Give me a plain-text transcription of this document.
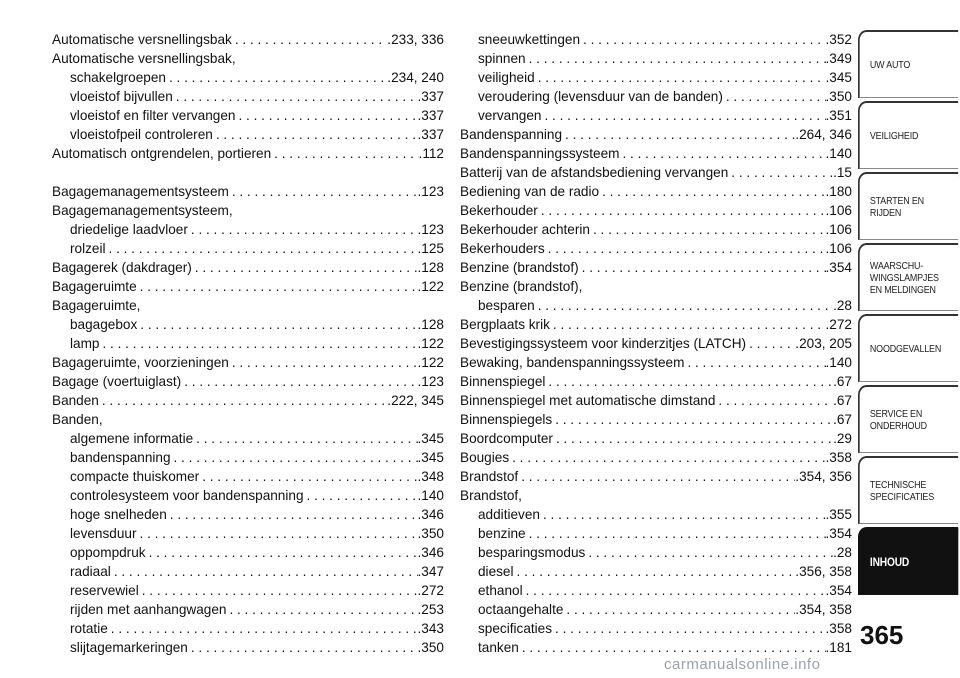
Automatische versnellingsbak . . .	.233, 336
Automatische versnellingsbak,
schakelgroepen . . .	.234, 240
vloeistof bijvullen . . .	.337
vloeistof en filter vervangen . . .	.337
vloeistofpeil controleren . . .	.337
Automatisch ontgrendelen, portieren . . .	.112
Bagagemanagementsysteem . . .	.123
Bagagemanagementsysteem,
driedelige laadvloer . . .	.123
rolzeil . . .	.125
Bagagerek (dakdrager) . . .	.128
Bagageruimte . . .	.122
Bagageruimte,
bagagebox . . .	.128
lamp . . .	.122
Bagageruimte, voorzieningen . . .	.122
Bagage (voertuiglast) . . .	.123
Banden . . .	.222, 345
Banden,
algemene informatie . . .	.345
bandenspanning . . .	.345
compacte thuiskomer . . .	.348
controlesysteem voor bandenspanning . . .	.140
hoge snelheden . . .	.346
levensduur . . .	.350
oppompdruk . . .	.346
radiaal . . .	.347
reservewiel . . .	.272
rijden met aanhangwagen . . .	.253
rotatie . . .	.343
slijtagemarkeringen . . .	.350
sneeuwkettingen . . .	.352
spinnen . . .	.349
veiligheid . . .	.345
veroudering (levensduur van de banden) . . .	.350
vervangen . . .	.351
Bandenspanning . . .	.264, 346
Bandenspanningssysteem . . .	.140
Batterij van de afstandsbediening vervangen . . .	.15
Bediening van de radio . . .	.180
Bekerhouder . . .	.106
Bekerhouder achterin . . .	.106
Bekerhouders . . .	.106
Benzine (brandstof) . . .	.354
Benzine (brandstof),
besparen . . .	.28
Bergplaats krik . . .	.272
Bevestigingssysteem voor kinderzitjes (LATCH) . . .	.203, 205
Bewaking, bandenspanningssysteem . . .	.140
Binnenspiegel . . .	.67
Binnenspiegel met automatische dimstand . . .	.67
Binnenspiegels . . .	.67
Boordcomputer . . .	.29
Bougies . . .	.358
Brandstof . . .	.354, 356
Brandstof,
additieven . . .	.355
benzine . . .	.354
besparingsmodus . . .	.28
diesel . . .	.356, 358
ethanol . . .	.354
octaangehalte . . .	.354, 358
specificaties . . .	.358
tanken . . .	.181
UW AUTO
VEILIGHEID
STARTEN EN
RIJDEN
WAARSCHU-
WINGSLAMPJES
EN MELDINGEN
NOODGEVALLEN
SERVICE EN
ONDERHOUD
TECHNISCHE
SPECIFICATIES
INHOUD
365
carmanualsonline.info
